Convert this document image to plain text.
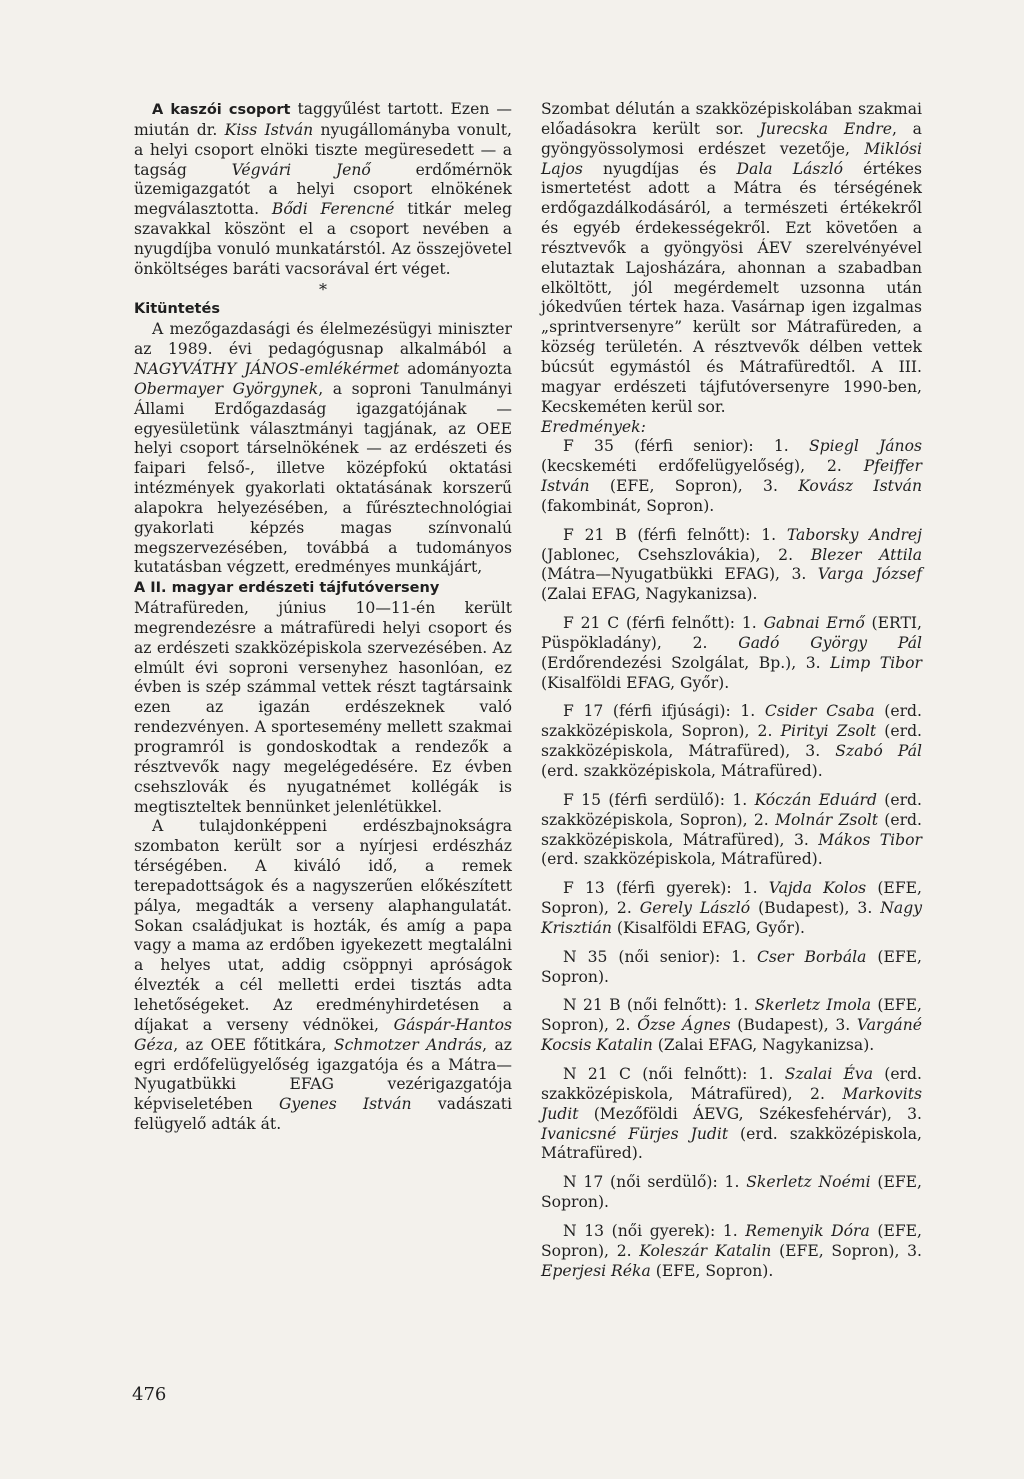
A kaszói csoport taggyűlést tartott. Ezen — miután dr. Kiss István nyugállományba vonult, a helyi csoport elnöki tiszte megüresedett — a tagság Végvári Jenő erdőmérnök üzemigazgatót a helyi csoport elnökének megválasztotta. Bődi Ferencné titkár meleg szavakkal köszönt el a csoport nevében a nyugdíjba vonuló munkatárstól. Az összejövetel önköltséges baráti vacsorával ért véget.

*

Kitüntetés

A mezőgazdasági és élelmezésügyi miniszter az 1989. évi pedagógusnap alkalmából a NAGYVÁTHY JÁNOS-emlékérmet adományozta Obermayer Györgynek, a soproni Tanulmányi Állami Erdőgazdaság igazgatójának — egyesületünk választmányi tagjának, az OEE helyi csoport társelnökének — az erdészeti és faipari felső-, illetve középfokú oktatási intézmények gyakorlati oktatásának korszerű alapokra helyezésében, a fűrésztechnológiai gyakorlati képzés magas színvonalú megszervezésében, továbbá a tudományos kutatásban végzett, eredményes munkájárt,

A II. magyar erdészeti tájfutóverseny

Mátrafüreden, június 10—11-én került megrendezésre a mátrafüredi helyi csoport és az erdészeti szakközépiskola szervezésében. Az elmúlt évi soproni versenyhez hasonlóan, ez évben is szép számmal vettek részt tagtársaink ezen az igazán erdészeknek való rendezvényen. A sportesemény mellett szakmai programról is gondoskodtak a rendezők a résztvevők nagy megelégedésére. Ez évben csehszlovák és nyugatnémet kollégák is megtiszteltek bennünket jelenlétükkel.

A tulajdonképpeni erdészbajnokságra szombaton került sor a nyírjesi erdészház térségében. A kiváló idő, a remek terepadottságok és a nagyszerűen előkészített pálya, megadták a verseny alaphangulatát. Sokan családjukat is hozták, és amíg a papa vagy a mama az erdőben igyekezett megtalálni a helyes utat, addig csöppnyi apróságok élvezték a cél melletti erdei tisztás adta lehetőségeket. Az eredményhirdetésen a díjakat a verseny védnökei, Gáspár-Hantos Géza, az OEE főtitkára, Schmotzer András, az egri erdőfelügyelőség igazgatója és a Mátra—Nyugatbükki EFAG vezérigazgatója képviseletében Gyenes István vadászati felügyelő adták át.

Szombat délután a szakközépiskolában szakmai előadásokra került sor. Jurecska Endre, a gyöngyössolymosi erdészet vezetője, Miklósi Lajos nyugdíjas és Dala László értékes ismertetést adott a Mátra és térségének erdőgazdálkodásáról, a természeti értékekről és egyéb érdekességekről. Ezt követően a résztvevők a gyöngyösi ÁEV szerelvényével elutaztak Lajosházára, ahonnan a szabadban elköltött, jól megérdemelt uzsonna után jókedvűen tértek haza. Vasárnap igen izgalmas „sprintversenyre” került sor Mátrafüreden, a község területén. A résztvevők délben vettek búcsút egymástól és Mátrafüredtől. A III. magyar erdészeti tájfutóversenyre 1990-ben, Kecskeméten kerül sor.

Eredmények:

F 35 (férfi senior): 1. Spiegl János (kecskeméti erdőfelügyelőség), 2. Pfeiffer István (EFE, Sopron), 3. Kovász István (fakombinát, Sopron).

F 21 B (férfi felnőtt): 1. Taborsky Andrej (Jablonec, Csehszlovákia), 2. Blezer Attila (Mátra—Nyugatbükki EFAG), 3. Varga József (Zalai EFAG, Nagykanizsa).

F 21 C (férfi felnőtt): 1. Gabnai Ernő (ERTI, Püspökladány), 2. Gadó György Pál (Erdőrendezési Szolgálat, Bp.), 3. Limp Tibor (Kisalföldi EFAG, Győr).

F 17 (férfi ifjúsági): 1. Csider Csaba (erd. szakközépiskola, Sopron), 2. Pirityi Zsolt (erd. szakközépiskola, Mátrafüred), 3. Szabó Pál (erd. szakközépiskola, Mátrafüred).

F 15 (férfi serdülő): 1. Kóczán Eduárd (erd. szakközépiskola, Sopron), 2. Molnár Zsolt (erd. szakközépiskola, Mátrafüred), 3. Mákos Tibor (erd. szakközépiskola, Mátrafüred).

F 13 (férfi gyerek): 1. Vajda Kolos (EFE, Sopron), 2. Gerely László (Budapest), 3. Nagy Krisztián (Kisalföldi EFAG, Győr).

N 35 (női senior): 1. Cser Borbála (EFE, Sopron).

N 21 B (női felnőtt): 1. Skerletz Imola (EFE, Sopron), 2. Őzse Ágnes (Budapest), 3. Vargáné Kocsis Katalin (Zalai EFAG, Nagykanizsa).

N 21 C (női felnőtt): 1. Szalai Éva (erd. szakközépiskola, Mátrafüred), 2. Markovits Judit (Mezőföldi ÁEVG, Székesfehérvár), 3. Ivanicsné Fürjes Judit (erd. szakközépiskola, Mátrafüred).

N 17 (női serdülő): 1. Skerletz Noémi (EFE, Sopron).

N 13 (női gyerek): 1. Remenyik Dóra (EFE, Sopron), 2. Koleszár Katalin (EFE, Sopron), 3. Eperjesi Réka (EFE, Sopron).

476
